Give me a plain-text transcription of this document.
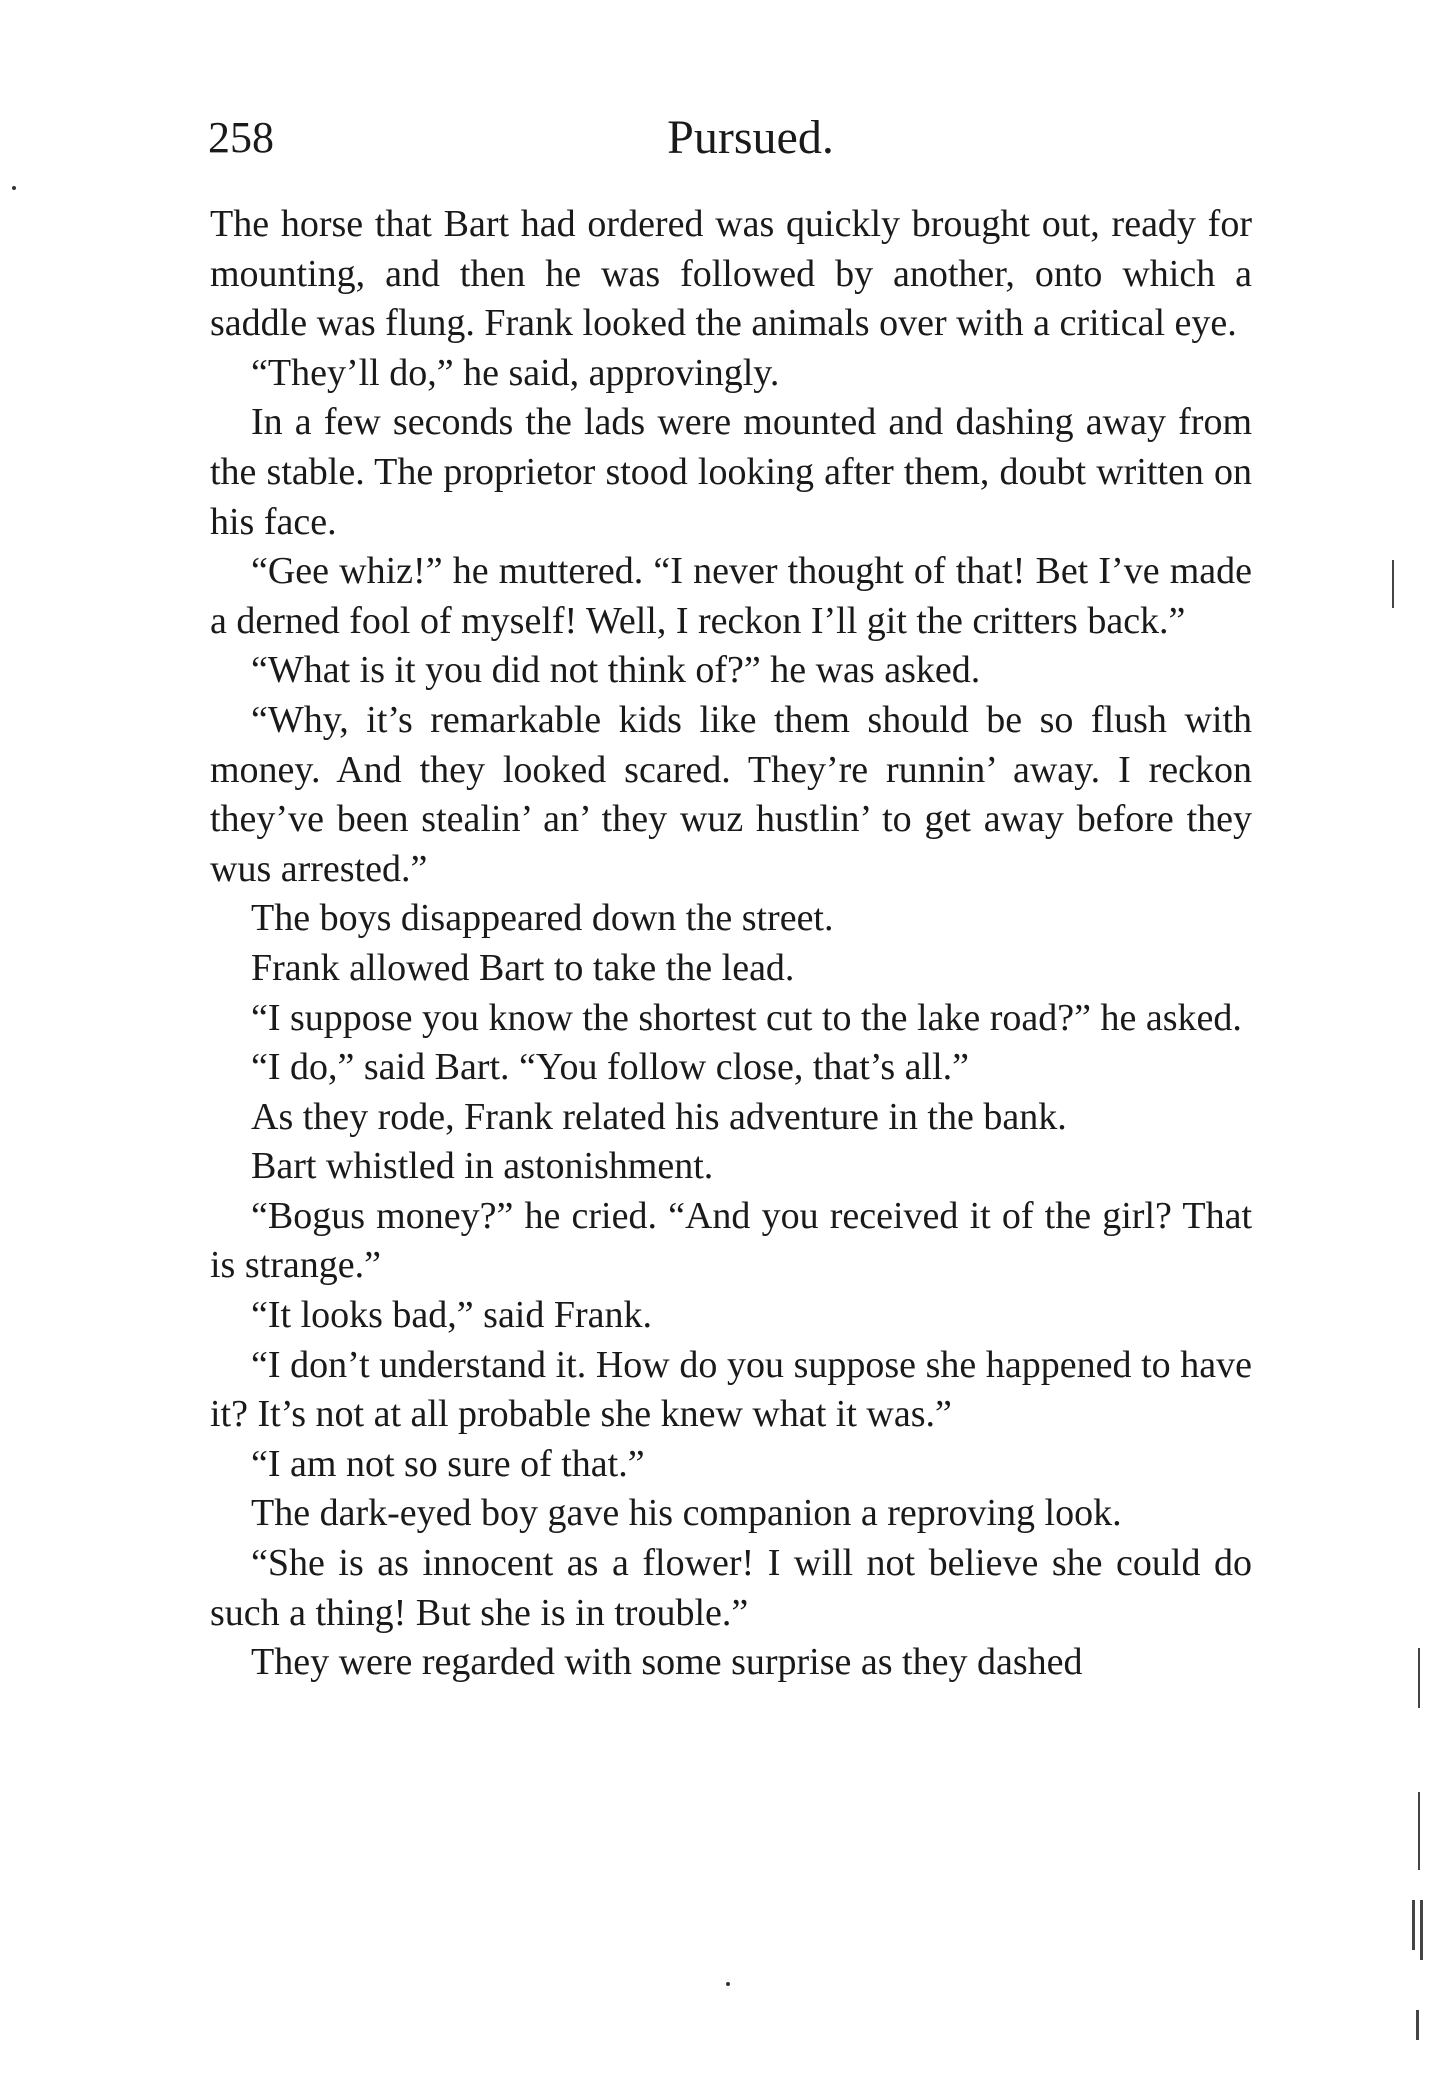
258	Pursued.

The horse that Bart had ordered was quickly brought out, ready for mounting, and then he was followed by another, onto which a saddle was flung. Frank looked the animals over with a critical eye.

“They’ll do,” he said, approvingly.

In a few seconds the lads were mounted and dashing away from the stable. The proprietor stood looking after them, doubt written on his face.

“Gee whiz!” he muttered. “I never thought of that! Bet I’ve made a derned fool of myself! Well, I reckon I’ll git the critters back.”

“What is it you did not think of?” he was asked.

“Why, it’s remarkable kids like them should be so flush with money. And they looked scared. They’re runnin’ away. I reckon they’ve been stealin’ an’ they wuz hustlin’ to get away before they wus arrested.”

The boys disappeared down the street.

Frank allowed Bart to take the lead.

“I suppose you know the shortest cut to the lake road?” he asked.

“I do,” said Bart. “You follow close, that’s all.”

As they rode, Frank related his adventure in the bank.

Bart whistled in astonishment.

“Bogus money?” he cried. “And you received it of the girl? That is strange.”

“It looks bad,” said Frank.

“I don’t understand it. How do you suppose she happened to have it? It’s not at all probable she knew what it was.”

“I am not so sure of that.”

The dark-eyed boy gave his companion a reproving look.

“She is as innocent as a flower! I will not believe she could do such a thing! But she is in trouble.”

They were regarded with some surprise as they dashed
